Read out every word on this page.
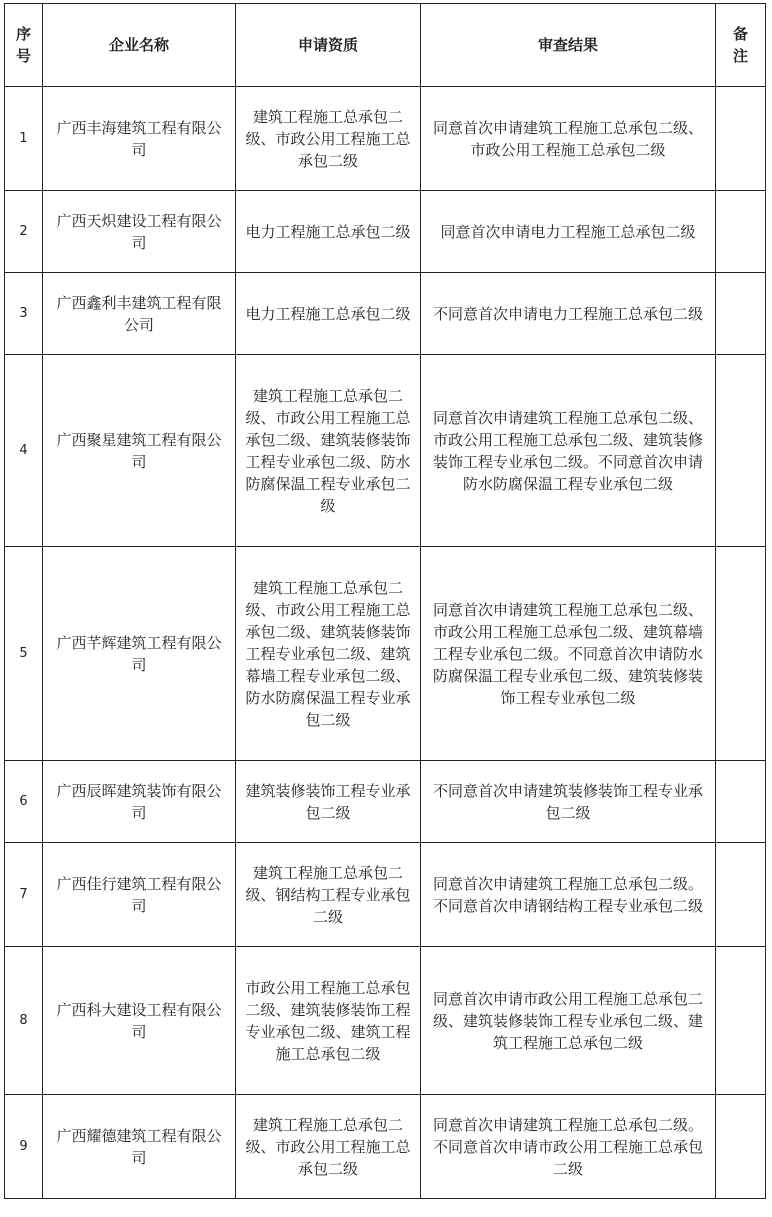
序号	企业名称	申请资质	审查结果	备注

1	广西丰海建筑工程有限公司	建筑工程施工总承包二级、市政公用工程施工总承包二级	同意首次申请建筑工程施工总承包二级、市政公用工程施工总承包二级	
2	广西天炽建设工程有限公司	电力工程施工总承包二级	同意首次申请电力工程施工总承包二级	
3	广西鑫利丰建筑工程有限公司	电力工程施工总承包二级	不同意首次申请电力工程施工总承包二级	
4	广西聚星建筑工程有限公司	建筑工程施工总承包二级、市政公用工程施工总承包二级、建筑装修装饰工程专业承包二级、防水防腐保温工程专业承包二级	同意首次申请建筑工程施工总承包二级、市政公用工程施工总承包二级、建筑装修装饰工程专业承包二级。不同意首次申请防水防腐保温工程专业承包二级	
5	广西芊辉建筑工程有限公司	建筑工程施工总承包二级、市政公用工程施工总承包二级、建筑装修装饰工程专业承包二级、建筑幕墙工程专业承包二级、防水防腐保温工程专业承包二级	同意首次申请建筑工程施工总承包二级、市政公用工程施工总承包二级、建筑幕墙工程专业承包二级。不同意首次申请防水防腐保温工程专业承包二级、建筑装修装饰工程专业承包二级	
6	广西辰晖建筑装饰有限公司	建筑装修装饰工程专业承包二级	不同意首次申请建筑装修装饰工程专业承包二级	
7	广西佳行建筑工程有限公司	建筑工程施工总承包二级、钢结构工程专业承包二级	同意首次申请建筑工程施工总承包二级。不同意首次申请钢结构工程专业承包二级	
8	广西科大建设工程有限公司	市政公用工程施工总承包二级、建筑装修装饰工程专业承包二级、建筑工程施工总承包二级	同意首次申请市政公用工程施工总承包二级、建筑装修装饰工程专业承包二级、建筑工程施工总承包二级	
9	广西耀德建筑工程有限公司	建筑工程施工总承包二级、市政公用工程施工总承包二级	同意首次申请建筑工程施工总承包二级。不同意首次申请市政公用工程施工总承包二级	
